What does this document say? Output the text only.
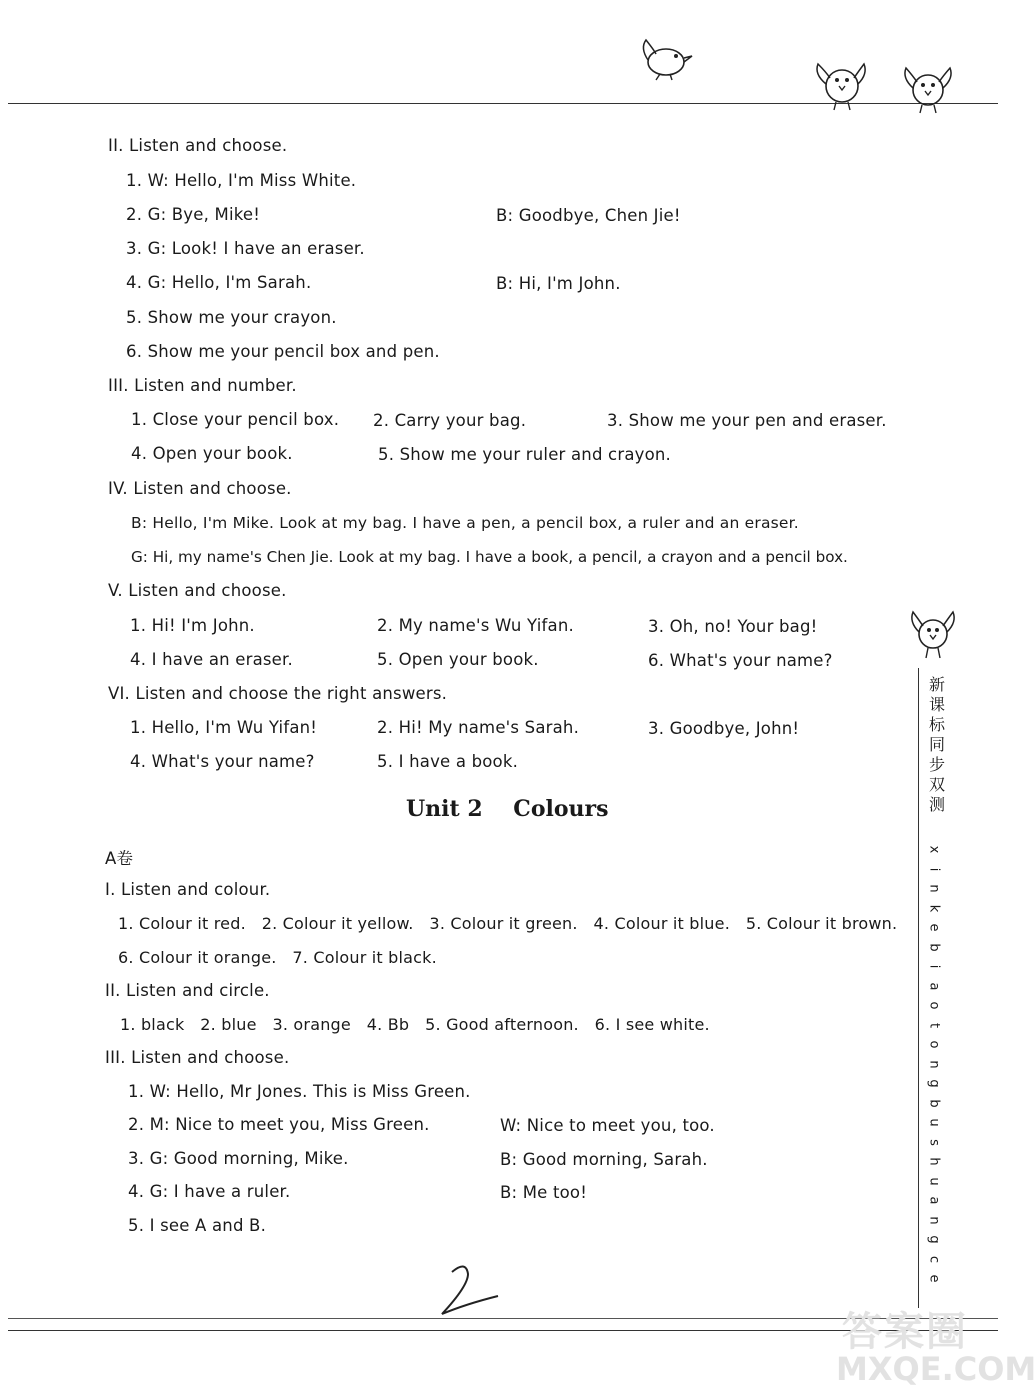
II. Listen and choose.
1. W: Hello, I'm Miss White.
2. G: Bye, Mike!	B: Goodbye, Chen Jie!
3. G: Look! I have an eraser.
4. G: Hello, I'm Sarah.	B: Hi, I'm John.
5. Show me your crayon.
6. Show me your pencil box and pen.
III. Listen and number.
1. Close your pencil box. 2. Carry your bag.	3. Show me your pen and eraser.
4. Open your book.	5. Show me your ruler and crayon.
IV. Listen and choose.
B: Hello, I'm Mike. Look at my bag. I have a pen, a pencil box, a ruler and an eraser.
G: Hi, my name's Chen Jie. Look at my bag. I have a book, a pencil, a crayon and a pencil box.
V. Listen and choose.
1. Hi! I'm John.	2. My name's Wu Yifan.	3. Oh, no! Your bag!
4. I have an eraser.	5. Open your book.	6. What's your name?
VI. Listen and choose the right answers.
1. Hello, I'm Wu Yifan!	2. Hi! My name's Sarah.	3. Goodbye, John!
4. What's your name?	5. I have a book.
Unit 2    Colours
A卷
I. Listen and colour.
1. Colour it red.   2. Colour it yellow.   3. Colour it green.   4. Colour it blue.   5. Colour it brown.
6. Colour it orange.   7. Colour it black.
II. Listen and circle.
1. black   2. blue   3. orange   4. Bb   5. Good afternoon.   6. I see white.
III. Listen and choose.
1. W: Hello, Mr Jones. This is Miss Green.
2. M: Nice to meet you, Miss Green.	W: Nice to meet you, too.
3. G: Good morning, Mike.	B: Good morning, Sarah.
4. G: I have a ruler.	B: Me too!
5. I see A and B.
新
课
标
同
步
双
测
x
i
n
k
e
b
i
a
o
t
o
n
g
b
u
s
h
u
a
n
g
c
e
答案圈
MXQE.COM
